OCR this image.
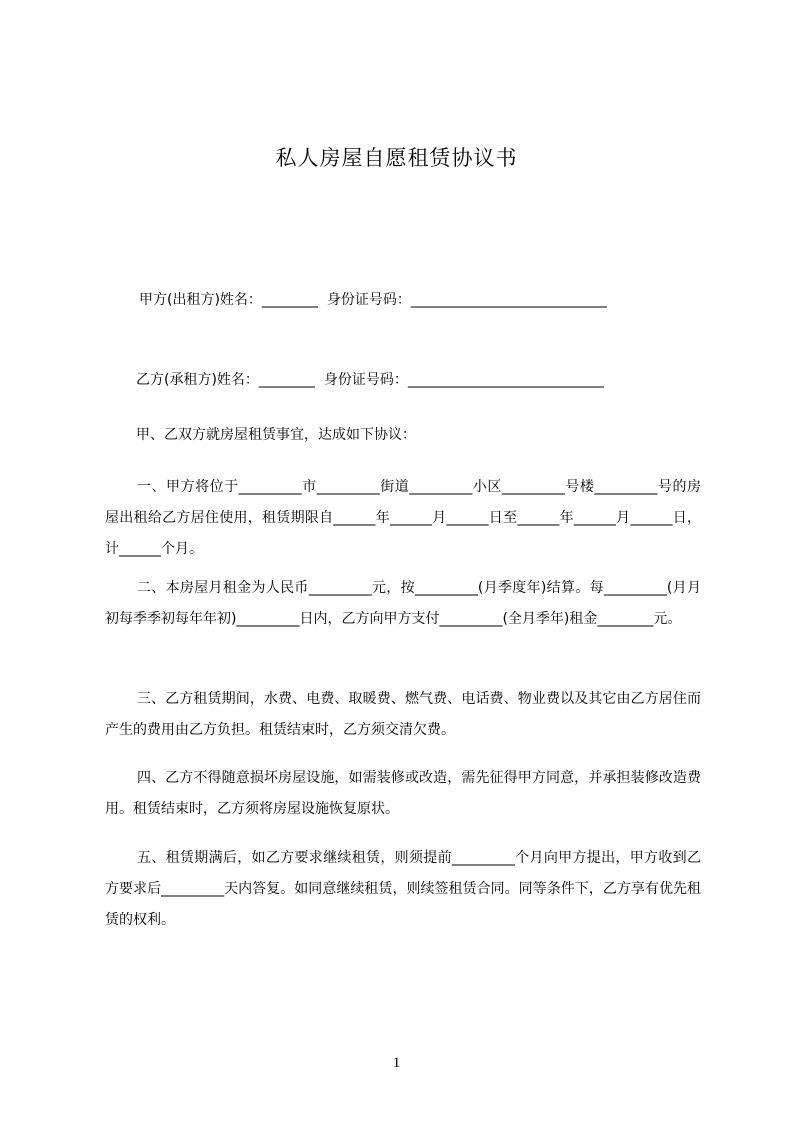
私人房屋自愿租赁协议书
甲方(出租方)姓名：________  身份证号码：____________________________
乙方(承租方)姓名：________  身份证号码：____________________________
甲、乙双方就房屋租赁事宜，达成如下协议：
一、甲方将位于_________市_________街道_________小区_________号楼_________号的房屋出租给乙方居住使用，租赁期限自______年______月______日至______年______月______日，计______个月。
二、本房屋月租金为人民币_________元，按_________(月季度年)结算。每_________(月月初每季季初每年年初)_________日内，乙方向甲方支付_________(全月季年)租金________元。
三、乙方租赁期间，水费、电费、取暖费、燃气费、电话费、物业费以及其它由乙方居住而产生的费用由乙方负担。租赁结束时，乙方须交清欠费。
四、乙方不得随意损坏房屋设施，如需装修或改造，需先征得甲方同意，并承担装修改造费用。租赁结束时，乙方须将房屋设施恢复原状。
五、租赁期满后，如乙方要求继续租赁，则须提前_________个月向甲方提出，甲方收到乙方要求后_________天内答复。如同意继续租赁，则续签租赁合同。同等条件下，乙方享有优先租赁的权利。
1
